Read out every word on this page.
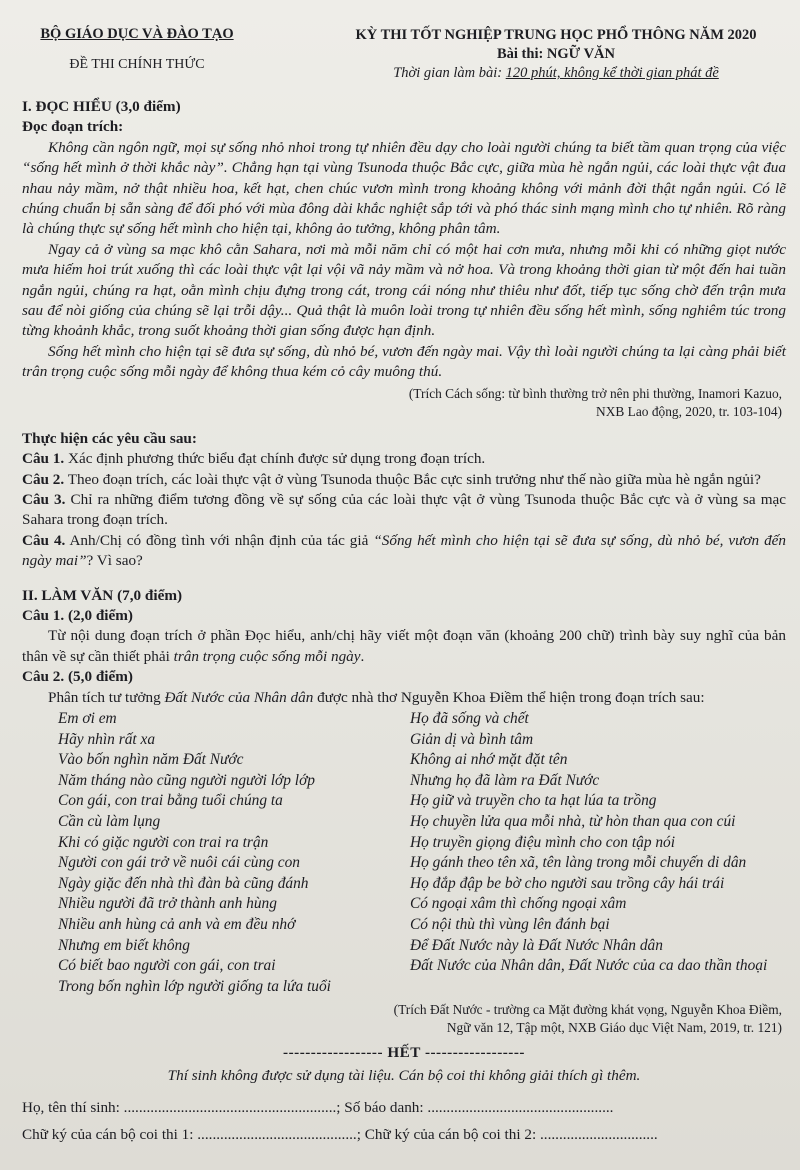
BỘ GIÁO DỤC VÀ ĐÀO TẠO
ĐỀ THI CHÍNH THỨC
KỲ THI TỐT NGHIỆP TRUNG HỌC PHỔ THÔNG NĂM 2020
Bài thi: NGỮ VĂN
Thời gian làm bài: 120 phút, không kể thời gian phát đề
I. ĐỌC HIỂU (3,0 điểm)
Đọc đoạn trích:
Không cần ngôn ngữ, mọi sự sống nhỏ nhoi trong tự nhiên đều dạy cho loài người chúng ta biết tầm quan trọng của việc “sống hết mình ở thời khắc này”. Chẳng hạn tại vùng Tsunoda thuộc Bắc cực, giữa mùa hè ngắn ngủi, các loài thực vật đua nhau nảy mầm, nở thật nhiều hoa, kết hạt, chen chúc vươn mình trong khoảng không với mảnh đời thật ngắn ngủi. Có lẽ chúng chuẩn bị sẵn sàng để đối phó với mùa đông dài khắc nghiệt sắp tới và phó thác sinh mạng mình cho tự nhiên. Rõ ràng là chúng thực sự sống hết mình cho hiện tại, không ảo tưởng, không phân tâm.
Ngay cả ở vùng sa mạc khô cằn Sahara, nơi mà mỗi năm chỉ có một hai cơn mưa, nhưng mỗi khi có những giọt nước mưa hiếm hoi trút xuống thì các loài thực vật lại vội vã nảy mầm và nở hoa. Và trong khoảng thời gian từ một đến hai tuần ngắn ngủi, chúng ra hạt, oằn mình chịu đựng trong cát, trong cái nóng như thiêu như đốt, tiếp tục sống chờ đến trận mưa sau để nòi giống của chúng sẽ lại trỗi dậy... Quả thật là muôn loài trong tự nhiên đều sống hết mình, sống nghiêm túc trong từng khoảnh khắc, trong suốt khoảng thời gian sống được hạn định.
Sống hết mình cho hiện tại sẽ đưa sự sống, dù nhỏ bé, vươn đến ngày mai. Vậy thì loài người chúng ta lại càng phải biết trân trọng cuộc sống mỗi ngày để không thua kém cỏ cây muông thú.
(Trích Cách sống: từ bình thường trở nên phi thường, Inamori Kazuo,
NXB Lao động, 2020, tr. 103-104)
Thực hiện các yêu cầu sau:
Câu 1. Xác định phương thức biểu đạt chính được sử dụng trong đoạn trích.
Câu 2. Theo đoạn trích, các loài thực vật ở vùng Tsunoda thuộc Bắc cực sinh trưởng như thế nào giữa mùa hè ngắn ngủi?
Câu 3. Chỉ ra những điểm tương đồng về sự sống của các loài thực vật ở vùng Tsunoda thuộc Bắc cực và ở vùng sa mạc Sahara trong đoạn trích.
Câu 4. Anh/Chị có đồng tình với nhận định của tác giả “Sống hết mình cho hiện tại sẽ đưa sự sống, dù nhỏ bé, vươn đến ngày mai”? Vì sao?
II. LÀM VĂN (7,0 điểm)
Câu 1. (2,0 điểm)
Từ nội dung đoạn trích ở phần Đọc hiểu, anh/chị hãy viết một đoạn văn (khoảng 200 chữ) trình bày suy nghĩ của bản thân về sự cần thiết phải trân trọng cuộc sống mỗi ngày.
Câu 2. (5,0 điểm)
Phân tích tư tưởng Đất Nước của Nhân dân được nhà thơ Nguyễn Khoa Điềm thể hiện trong đoạn trích sau:
Em ơi em
Hãy nhìn rất xa
Vào bốn nghìn năm Đất Nước
Năm tháng nào cũng người người lớp lớp
Con gái, con trai bằng tuổi chúng ta
Cần cù làm lụng
Khi có giặc người con trai ra trận
Người con gái trở về nuôi cái cùng con
Ngày giặc đến nhà thì đàn bà cũng đánh
Nhiều người đã trở thành anh hùng
Nhiều anh hùng cả anh và em đều nhớ
Nhưng em biết không
Có biết bao người con gái, con trai
Trong bốn nghìn lớp người giống ta lứa tuổi
Họ đã sống và chết
Giản dị và bình tâm
Không ai nhớ mặt đặt tên
Nhưng họ đã làm ra Đất Nước
Họ giữ và truyền cho ta hạt lúa ta trồng
Họ chuyền lửa qua mỗi nhà, từ hòn than qua con cúi
Họ truyền giọng điệu mình cho con tập nói
Họ gánh theo tên xã, tên làng trong mỗi chuyến di dân
Họ đắp đập be bờ cho người sau trồng cây hái trái
Có ngoại xâm thì chống ngoại xâm
Có nội thù thì vùng lên đánh bại
Để Đất Nước này là Đất Nước Nhân dân
Đất Nước của Nhân dân, Đất Nước của ca dao thần thoại
(Trích Đất Nước - trường ca Mặt đường khát vọng, Nguyễn Khoa Điềm,
Ngữ văn 12, Tập một, NXB Giáo dục Việt Nam, 2019, tr. 121)
------------------ HẾT ------------------
Thí sinh không được sử dụng tài liệu. Cán bộ coi thi không giải thích gì thêm.
Họ, tên thí sinh: ........................................................; Số báo danh: .................................................
Chữ ký của cán bộ coi thi 1: ..........................................; Chữ ký của cán bộ coi thi 2: ...............................
